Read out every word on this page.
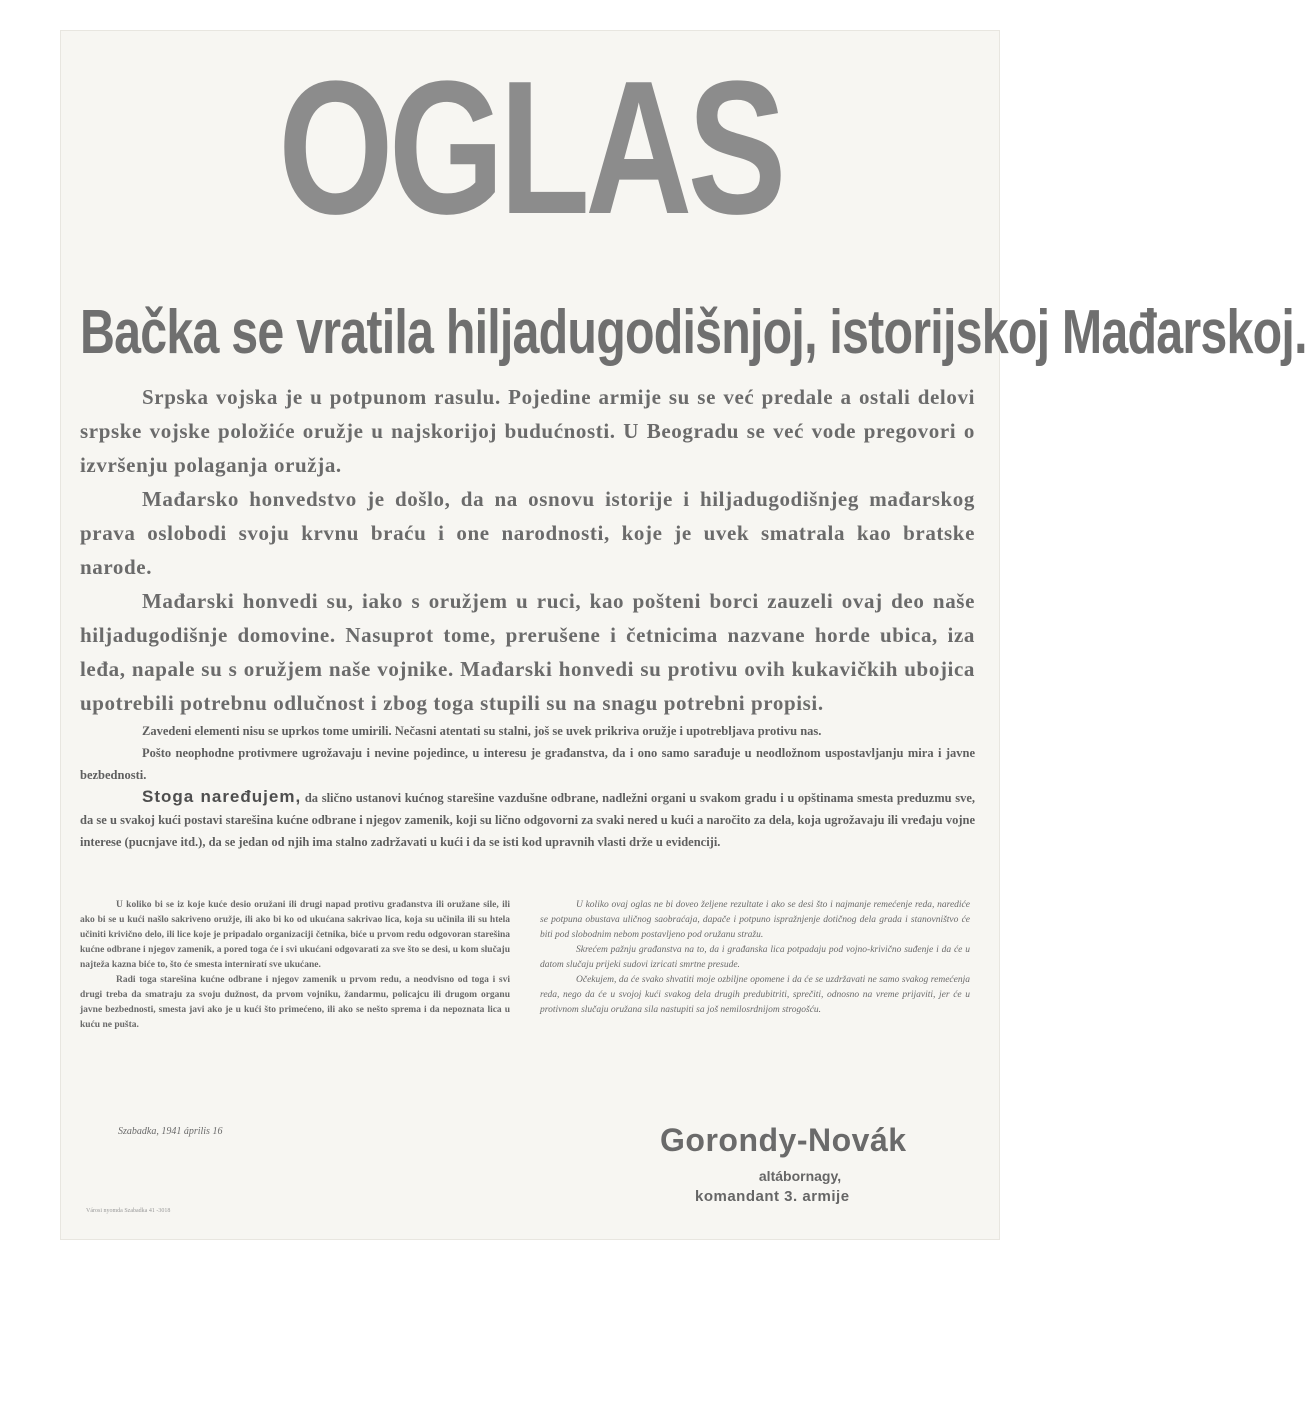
OGLAS
Bačka se vratila hiljadugodišnjoj, istorijskoj Mađarskoj.

Srpska vojska je u potpunom rasulu. Pojedine armije su se već predale a ostali delovi srpske vojske položiće oružje u najskorijoj budućnosti. U Beogradu se već vode pregovori o izvršenju polaganja oružja.

Mađarsko honvedstvo je došlo, da na osnovu istorije i hiljadugodišnjeg mađarskog prava oslobodi svoju krvnu braću i one narodnosti, koje je uvek smatrala kao bratske narode.

Mađarski honvedi su, iako s oružjem u ruci, kao pošteni borci zauzeli ovaj deo naše hiljadugodišnje domovine. Nasuprot tome, prerušene i četnicima nazvane horde ubica, iza leđa, napale su s oružjem naše vojnike. Mađarski honvedi su protivu ovih kukavičkih ubojica upotrebili potrebnu odlučnost i zbog toga stupili su na snagu potrebni propisi.

Zavedeni elementi nisu se uprkos tome umirili. Nečasni atentati su stalni, još se uvek prikriva oružje i upotrebljava protivu nas.

Pošto neophodne protivmere ugrožavaju i nevine pojedince, u interesu je građanstva, da i ono samo sarađuje u neodložnom uspostavljanju mira i javne bezbednosti.

Stoga naređujem, da slično ustanovi kućnog starešine vazdušne odbrane, nadležni organi u svakom gradu i u opštinama smesta preduzmu sve, da se u svakoj kući postavi starešina kućne odbrane i njegov zamenik, koji su lično odgovorni za svaki nered u kući a naročito za dela, koja ugrožavaju ili vređaju vojne interese (pucnjave itd.), da se jedan od njih ima stalno zadržavati u kući i da se isti kod upravnih vlasti drže u evidenciji.

U koliko bi se iz koje kuće desio oružani ili drugi napad protivu građanstva ili oružane sile, ili ako bi se u kući našlo sakriveno oružje, ili ako bi ko od ukućana sakrivao lica, koja su učinila ili su htela učiniti krivično delo, ili lice koje je pripadalo organizaciji četnika, biće u prvom redu odgovoran starešina kućne odbrane i njegov zamenik, a pored toga će i svi ukućani odgovarati za sve što se desi, u kom slučaju najteža kazna biće to, što će smesta interniratí sve ukućane.

Radi toga starešina kućne odbrane i njegov zamenik u prvom redu, a neodvisno od toga i svi drugi treba da smatraju za svoju dužnost, da prvom vojniku, žandarmu, policajcu ili drugom organu javne bezbednosti, smesta javi ako je u kući što primećeno, ili ako se nešto sprema i da nepoznata lica u kuću ne pušta.

U koliko ovaj oglas ne bi doveo željene rezultate i ako se desi što i najmanje remećenje reda, narediće se potpuna obustava uličnog saobraćaja, dapače i potpuno ispražnjenje dotičnog dela grada i stanovništvo će biti pod slobodnim nebom postavljeno pod oružanu stražu.

Skrećem pažnju građanstva na to, da i građanska lica potpadaju pod vojno-krivično suđenje i da će u datom slučaju prijeki sudovi izricati smrtne presude.

Očekujem, da će svako shvatiti moje ozbiljne opomene i da će se uzdržavati ne samo svakog remećenja reda, nego da će u svojoj kući svakog dela drugih predubitriti, sprečiti, odnosno na vreme prijaviti, jer će u protivnom slučaju oružana sila nastupiti sa još nemilosrdnijom strogošću.

Szabadka, 1941 április 16	Gorondy-Novák
altábornagy,
komandant 3. armije
Városi nyomda Szabadka 41 -3018
